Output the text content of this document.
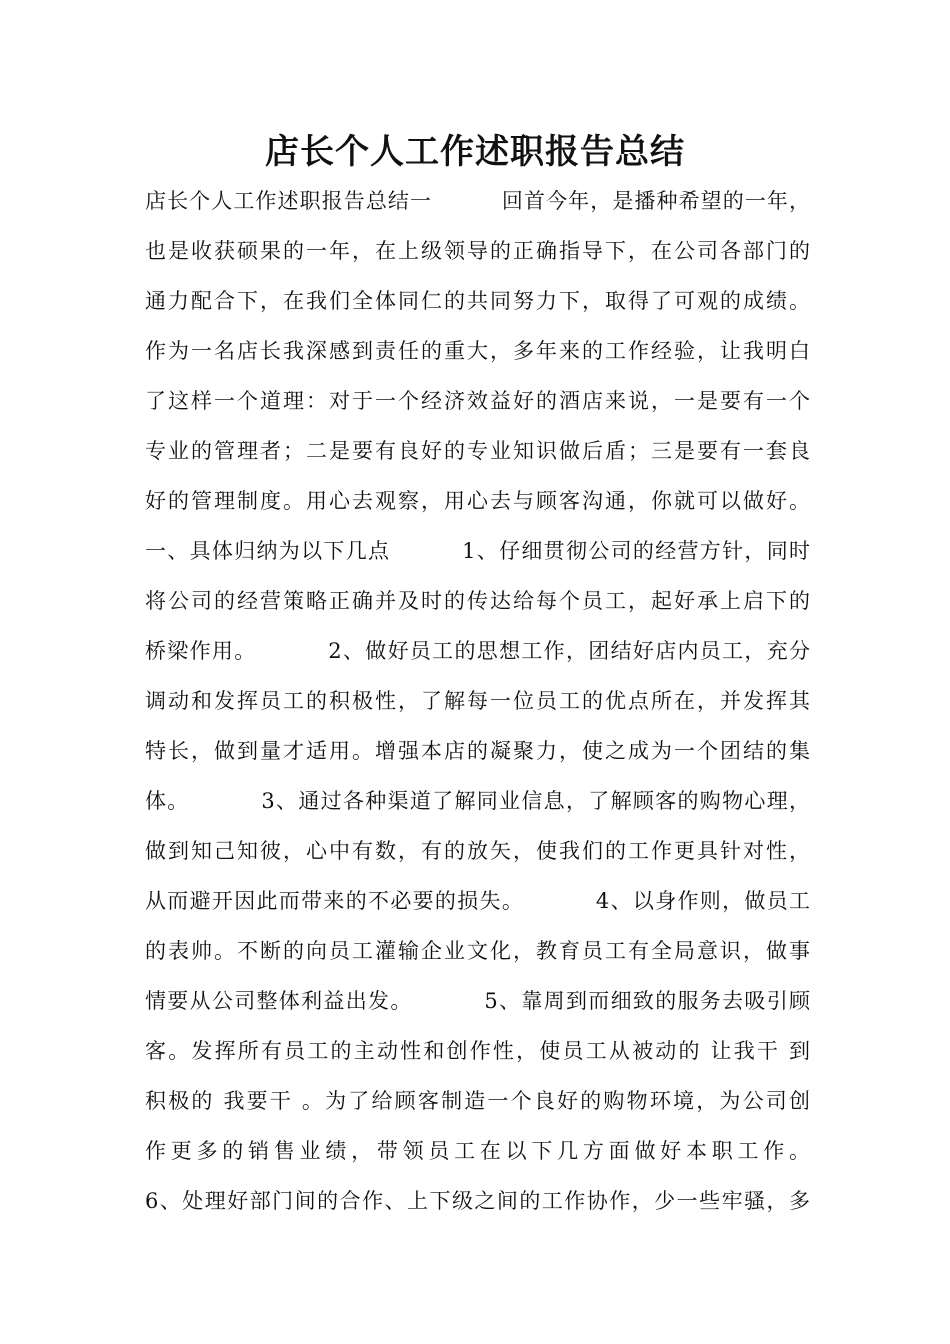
店长个人工作述职报告总结
店长个人工作述职报告总结一         回首今年，是播种希望的一年，
也是收获硕果的一年，在上级领导的正确指导下，在公司各部门的
通力配合下，在我们全体同仁的共同努力下，取得了可观的成绩。
作为一名店长我深感到责任的重大，多年来的工作经验，让我明白
了这样一个道理：对于一个经济效益好的酒店来说，一是要有一个
专业的管理者；二是要有良好的专业知识做后盾；三是要有一套良
好的管理制度。用心去观察，用心去与顾客沟通，你就可以做好。
一、具体归纳为以下几点         1、仔细贯彻公司的经营方针，同时
将公司的经营策略正确并及时的传达给每个员工，起好承上启下的
桥梁作用。         2、做好员工的思想工作，团结好店内员工，充分
调动和发挥员工的积极性，了解每一位员工的优点所在，并发挥其
特长，做到量才适用。增强本店的凝聚力，使之成为一个团结的集
体。         3、通过各种渠道了解同业信息，了解顾客的购物心理，
做到知己知彼，心中有数，有的放矢，使我们的工作更具针对性，
从而避开因此而带来的不必要的损失。         4、以身作则，做员工
的表帅。不断的向员工灌输企业文化，教育员工有全局意识，做事
情要从公司整体利益出发。         5、靠周到而细致的服务去吸引顾
客。发挥所有员工的主动性和创作性，使员工从被动的 让我干 到
积极的 我要干 。为了给顾客制造一个良好的购物环境，为公司创
作更多的销售业绩，带领员工在以下几方面做好本职工作。
6、处理好部门间的合作、上下级之间的工作协作，少一些牢骚，多
